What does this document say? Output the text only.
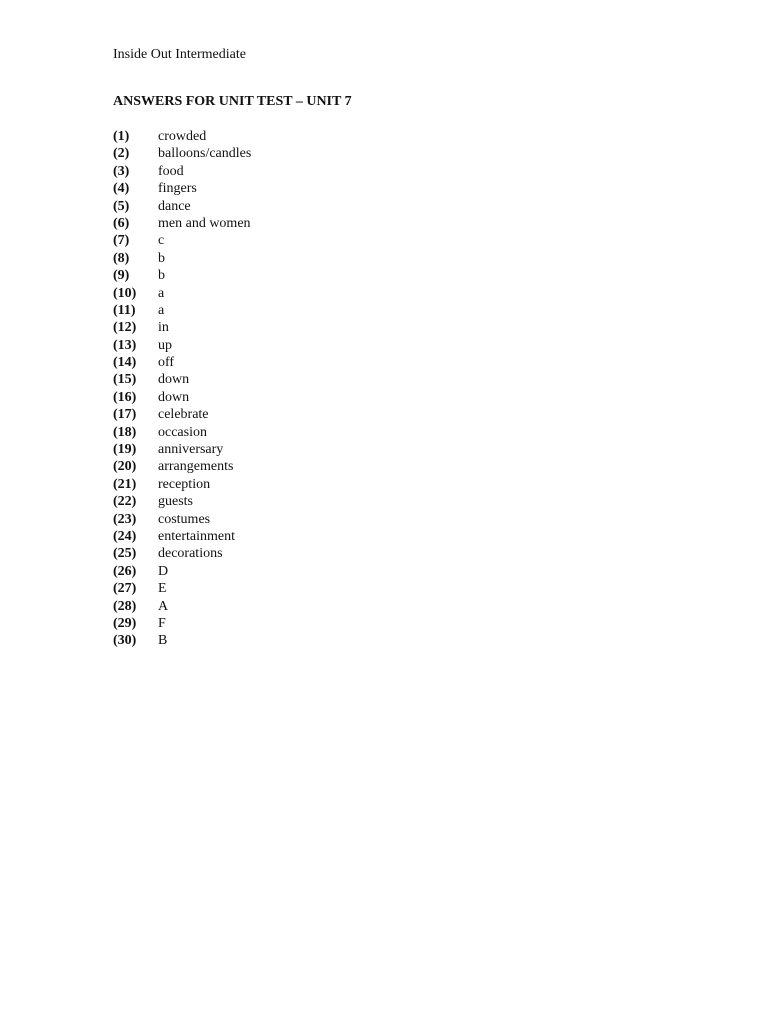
Inside Out Intermediate
ANSWERS FOR UNIT TEST – UNIT 7
(1)	crowded
(2)	balloons/candles
(3)	food
(4)	fingers
(5)	dance
(6)	men and women
(7)	c
(8)	b
(9)	b
(10)	a
(11)	a
(12)	in
(13)	up
(14)	off
(15)	down
(16)	down
(17)	celebrate
(18)	occasion
(19)	anniversary
(20)	arrangements
(21)	reception
(22)	guests
(23)	costumes
(24)	entertainment
(25)	decorations
(26)	D
(27)	E
(28)	A
(29)	F
(30)	B
